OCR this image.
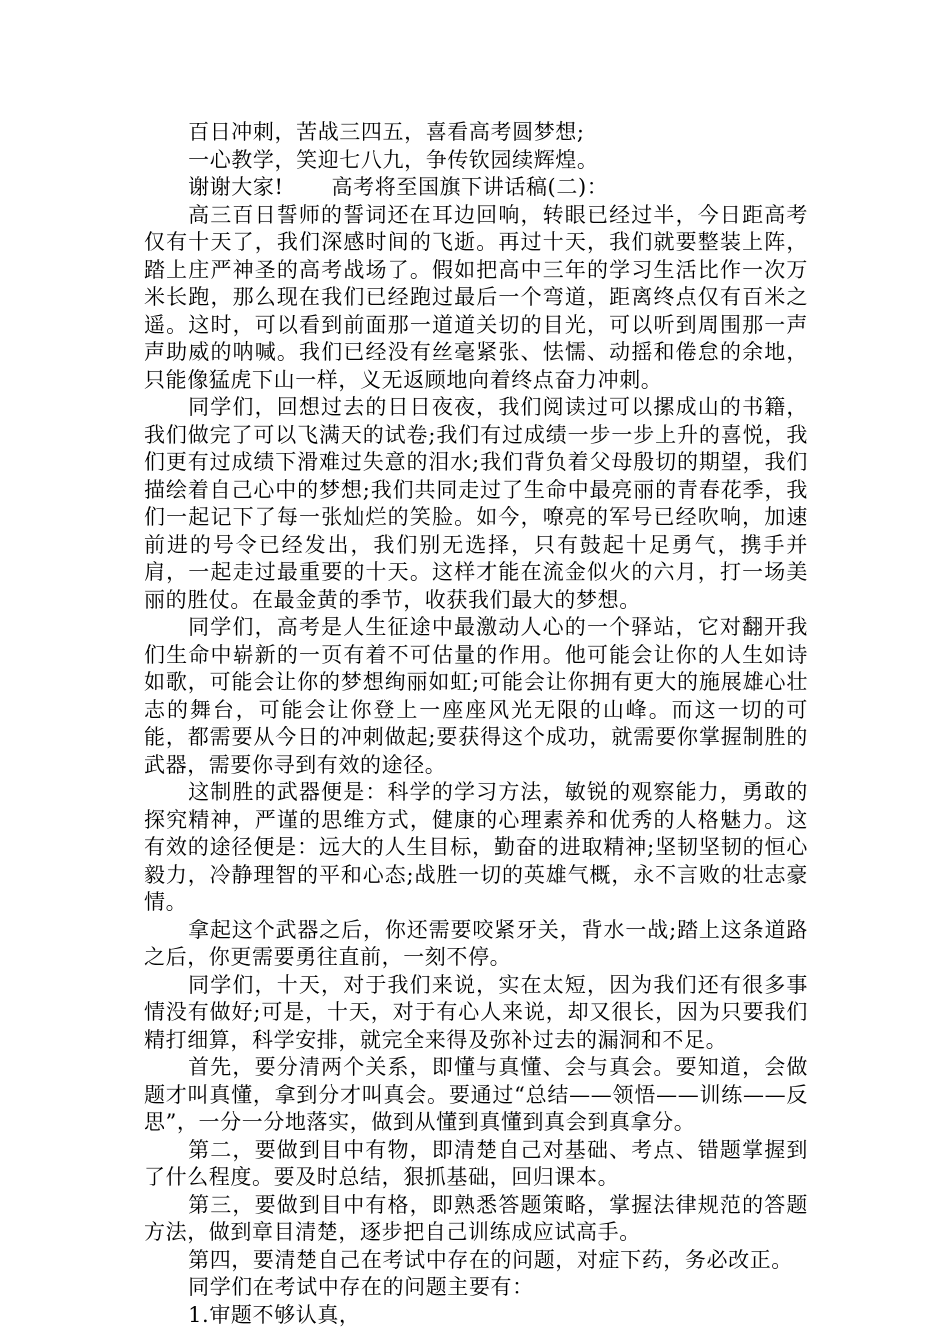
百日冲刺，苦战三四五，喜看高考圆梦想;

一心教学，笑迎七八九，争传钦园续辉煌。

谢谢大家! 高考将至国旗下讲话稿(二)：

高三百日誓师的誓词还在耳边回响，转眼已经过半，今日距高考仅有十天了，我们深感时间的飞逝。再过十天，我们就要整装上阵，踏上庄严神圣的高考战场了。假如把高中三年的学习生活比作一次万米长跑，那么现在我们已经跑过最后一个弯道，距离终点仅有百米之遥。这时，可以看到前面那一道道关切的目光，可以听到周围那一声声助威的呐喊。我们已经没有丝毫紧张、怯懦、动摇和倦怠的余地，只能像猛虎下山一样，义无返顾地向着终点奋力冲刺。

同学们，回想过去的日日夜夜，我们阅读过可以摞成山的书籍，我们做完了可以飞满天的试卷;我们有过成绩一步一步上升的喜悦，我们更有过成绩下滑难过失意的泪水;我们背负着父母殷切的期望，我们描绘着自己心中的梦想;我们共同走过了生命中最亮丽的青春花季，我们一起记下了每一张灿烂的笑脸。如今，嘹亮的军号已经吹响，加速前进的号令已经发出，我们别无选择，只有鼓起十足勇气，携手并肩，一起走过最重要的十天。这样才能在流金似火的六月，打一场美丽的胜仗。在最金黄的季节，收获我们最大的梦想。

同学们，高考是人生征途中最激动人心的一个驿站，它对翻开我们生命中崭新的一页有着不可估量的作用。他可能会让你的人生如诗如歌，可能会让你的梦想绚丽如虹;可能会让你拥有更大的施展雄心壮志的舞台，可能会让你登上一座座风光无限的山峰。而这一切的可能，都需要从今日的冲刺做起;要获得这个成功，就需要你掌握制胜的武器，需要你寻到有效的途径。

这制胜的武器便是：科学的学习方法，敏锐的观察能力，勇敢的探究精神，严谨的思维方式，健康的心理素养和优秀的人格魅力。这有效的途径便是：远大的人生目标，勤奋的进取精神;坚韧坚韧的恒心毅力，冷静理智的平和心态;战胜一切的英雄气概，永不言败的壮志豪情。

拿起这个武器之后，你还需要咬紧牙关，背水一战;踏上这条道路之后，你更需要勇往直前，一刻不停。

同学们，十天，对于我们来说，实在太短，因为我们还有很多事情没有做好;可是，十天，对于有心人来说，却又很长，因为只要我们精打细算，科学安排，就完全来得及弥补过去的漏洞和不足。

首先，要分清两个关系，即懂与真懂、会与真会。要知道，会做题才叫真懂，拿到分才叫真会。要通过“总结——领悟——训练——反思”，一分一分地落实，做到从懂到真懂到真会到真拿分。

第二，要做到目中有物，即清楚自己对基础、考点、错题掌握到了什么程度。要及时总结，狠抓基础，回归课本。

第三，要做到目中有格，即熟悉答题策略，掌握法律规范的答题方法，做到章目清楚，逐步把自己训练成应试高手。

第四，要清楚自己在考试中存在的问题，对症下药，务必改正。

同学们在考试中存在的问题主要有：

1.审题不够认真，
